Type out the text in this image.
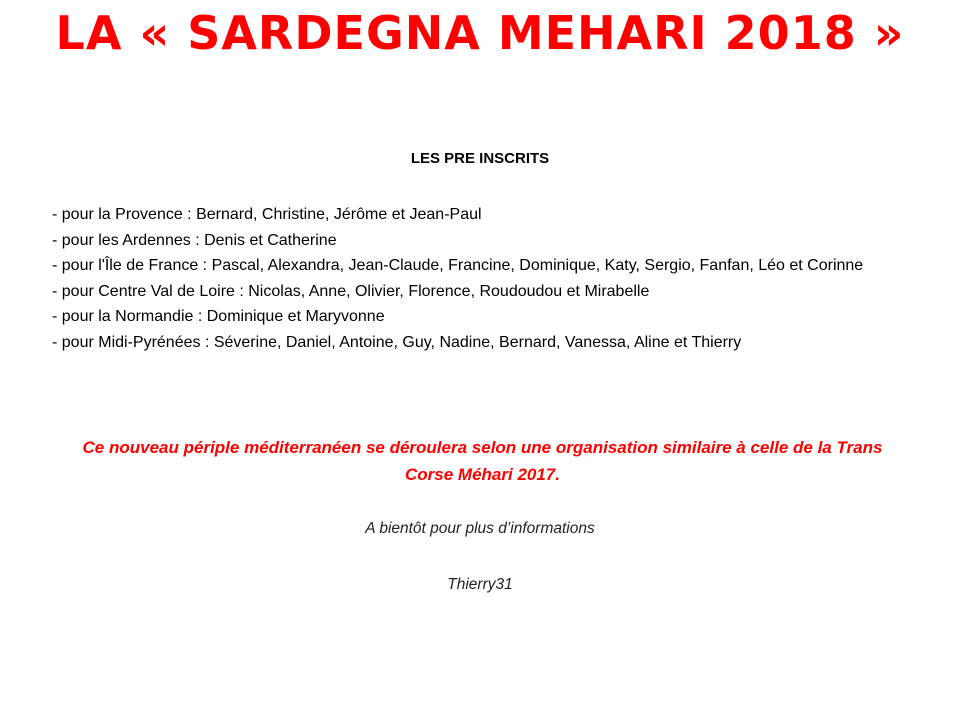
LA « SARDEGNA MEHARI 2018 »
LES PRE INSCRITS
- pour la Provence : Bernard, Christine, Jérôme et Jean-Paul
- pour les Ardennes : Denis et Catherine
- pour l'Île de France : Pascal, Alexandra, Jean-Claude, Francine, Dominique, Katy, Sergio, Fanfan, Léo et Corinne
- pour Centre Val de Loire : Nicolas, Anne, Olivier, Florence, Roudoudou et Mirabelle
- pour la Normandie : Dominique et Maryvonne
- pour Midi-Pyrénées : Séverine, Daniel, Antoine, Guy, Nadine, Bernard, Vanessa, Aline et Thierry
Ce nouveau périple méditerranéen se déroulera selon une organisation similaire à celle de la Trans Corse Méhari 2017.
A bientôt pour plus d’informations
Thierry31
